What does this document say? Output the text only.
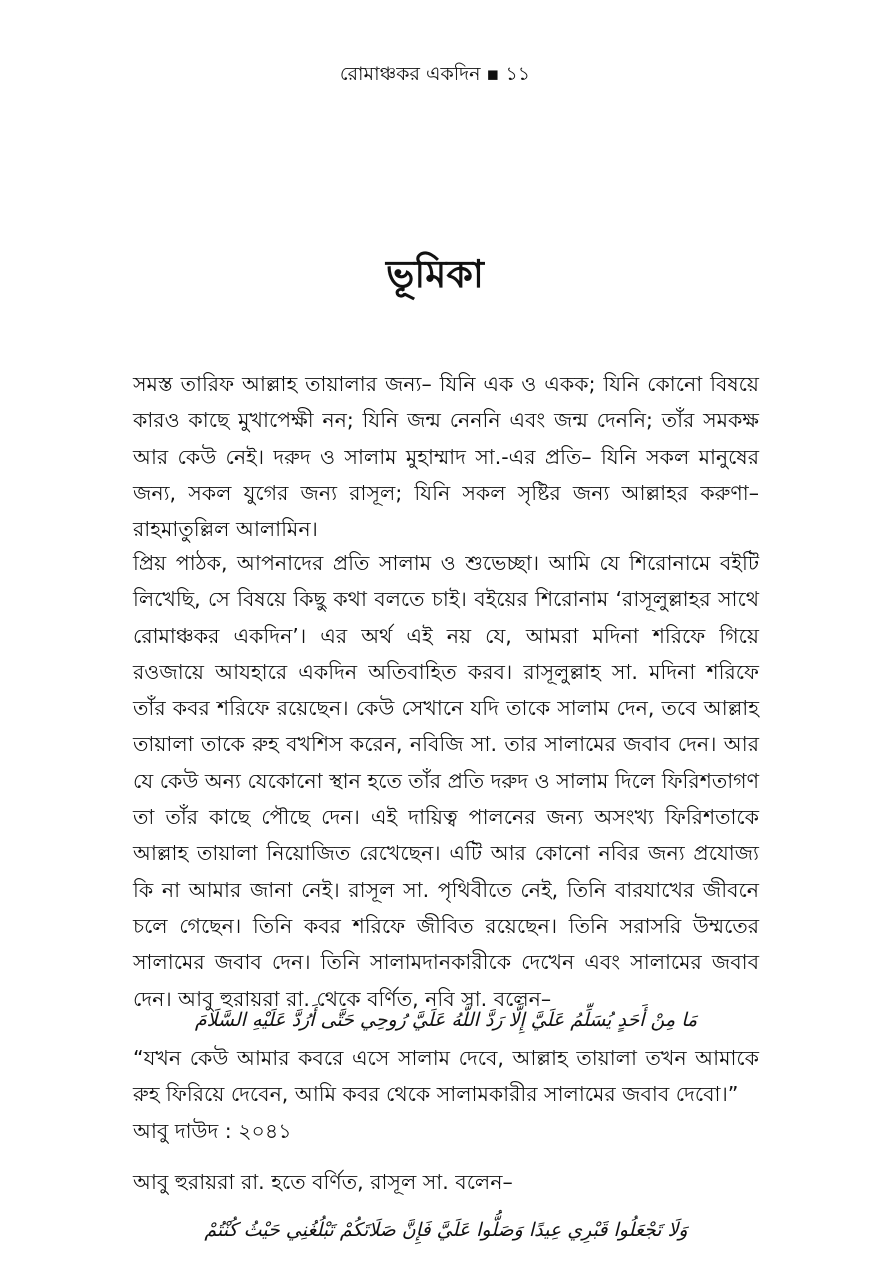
রোমাঞ্চকর একদিন ▪ ১১
ভূমিকা

সমস্ত তারিফ আল্লাহ তায়ালার জন্য– যিনি এক ও একক; যিনি কোনো বিষয়ে কারও কাছে মুখাপেক্ষী নন; যিনি জন্ম নেননি এবং জন্ম দেননি; তাঁর সমকক্ষ আর কেউ নেই। দরুদ ও সালাম মুহাম্মাদ সা.-এর প্রতি– যিনি সকল মানুষের জন্য, সকল যুগের জন্য রাসূল; যিনি সকল সৃষ্টির জন্য আল্লাহর করুণা– রাহমাতুল্লিল আলামিন।

প্রিয় পাঠক, আপনাদের প্রতি সালাম ও শুভেচ্ছা। আমি যে শিরোনামে বইটি লিখেছি, সে বিষয়ে কিছু কথা বলতে চাই। বইয়ের শিরোনাম ‘রাসূলুল্লাহর সাথে রোমাঞ্চকর একদিন’। এর অর্থ এই নয় যে, আমরা মদিনা শরিফে গিয়ে রওজায়ে আযহারে একদিন অতিবাহিত করব। রাসূলুল্লাহ সা. মদিনা শরিফে তাঁর কবর শরিফে রয়েছেন। কেউ সেখানে যদি তাকে সালাম দেন, তবে আল্লাহ তায়ালা তাকে রুহ বখশিস করেন, নবিজি সা. তার সালামের জবাব দেন। আর যে কেউ অন্য যেকোনো স্থান হতে তাঁর প্রতি দরুদ ও সালাম দিলে ফিরিশতাগণ তা তাঁর কাছে পৌছে দেন। এই দায়িত্ব পালনের জন্য অসংখ্য ফিরিশতাকে আল্লাহ তায়ালা নিয়োজিত রেখেছেন। এটি আর কোনো নবির জন্য প্রযোজ্য কি না আমার জানা নেই। রাসূল সা. পৃথিবীতে নেই, তিনি বারযাখের জীবনে চলে গেছেন। তিনি কবর শরিফে জীবিত রয়েছেন। তিনি সরাসরি উম্মতের সালামের জবাব দেন। তিনি সালামদানকারীকে দেখেন এবং সালামের জবাব দেন। আবু হুরায়রা রা. থেকে বর্ণিত, নবি সা. বলেন–

مَا مِنْ أَحَدٍ يُسَلِّمُ عَلَيَّ إِلَّا رَدَّ اللَّهُ عَلَيَّ رُوحِي حَتَّى أَرُدَّ عَلَيْهِ السَّلَامَ

“যখন কেউ আমার কবরে এসে সালাম দেবে, আল্লাহ তায়ালা তখন আমাকে রুহ ফিরিয়ে দেবেন, আমি কবর থেকে সালামকারীর সালামের জবাব দেবো।”

আবু দাউদ : ২০৪১

আবু হুরায়রা রা. হতে বর্ণিত, রাসূল সা. বলেন–

وَلَا تَجْعَلُوا قَبْرِي عِيدًا وَصَلُّوا عَلَيَّ فَإِنَّ صَلَاتَكُمْ تَبْلُغُنِي حَيْثُ كُنْتُمْ
